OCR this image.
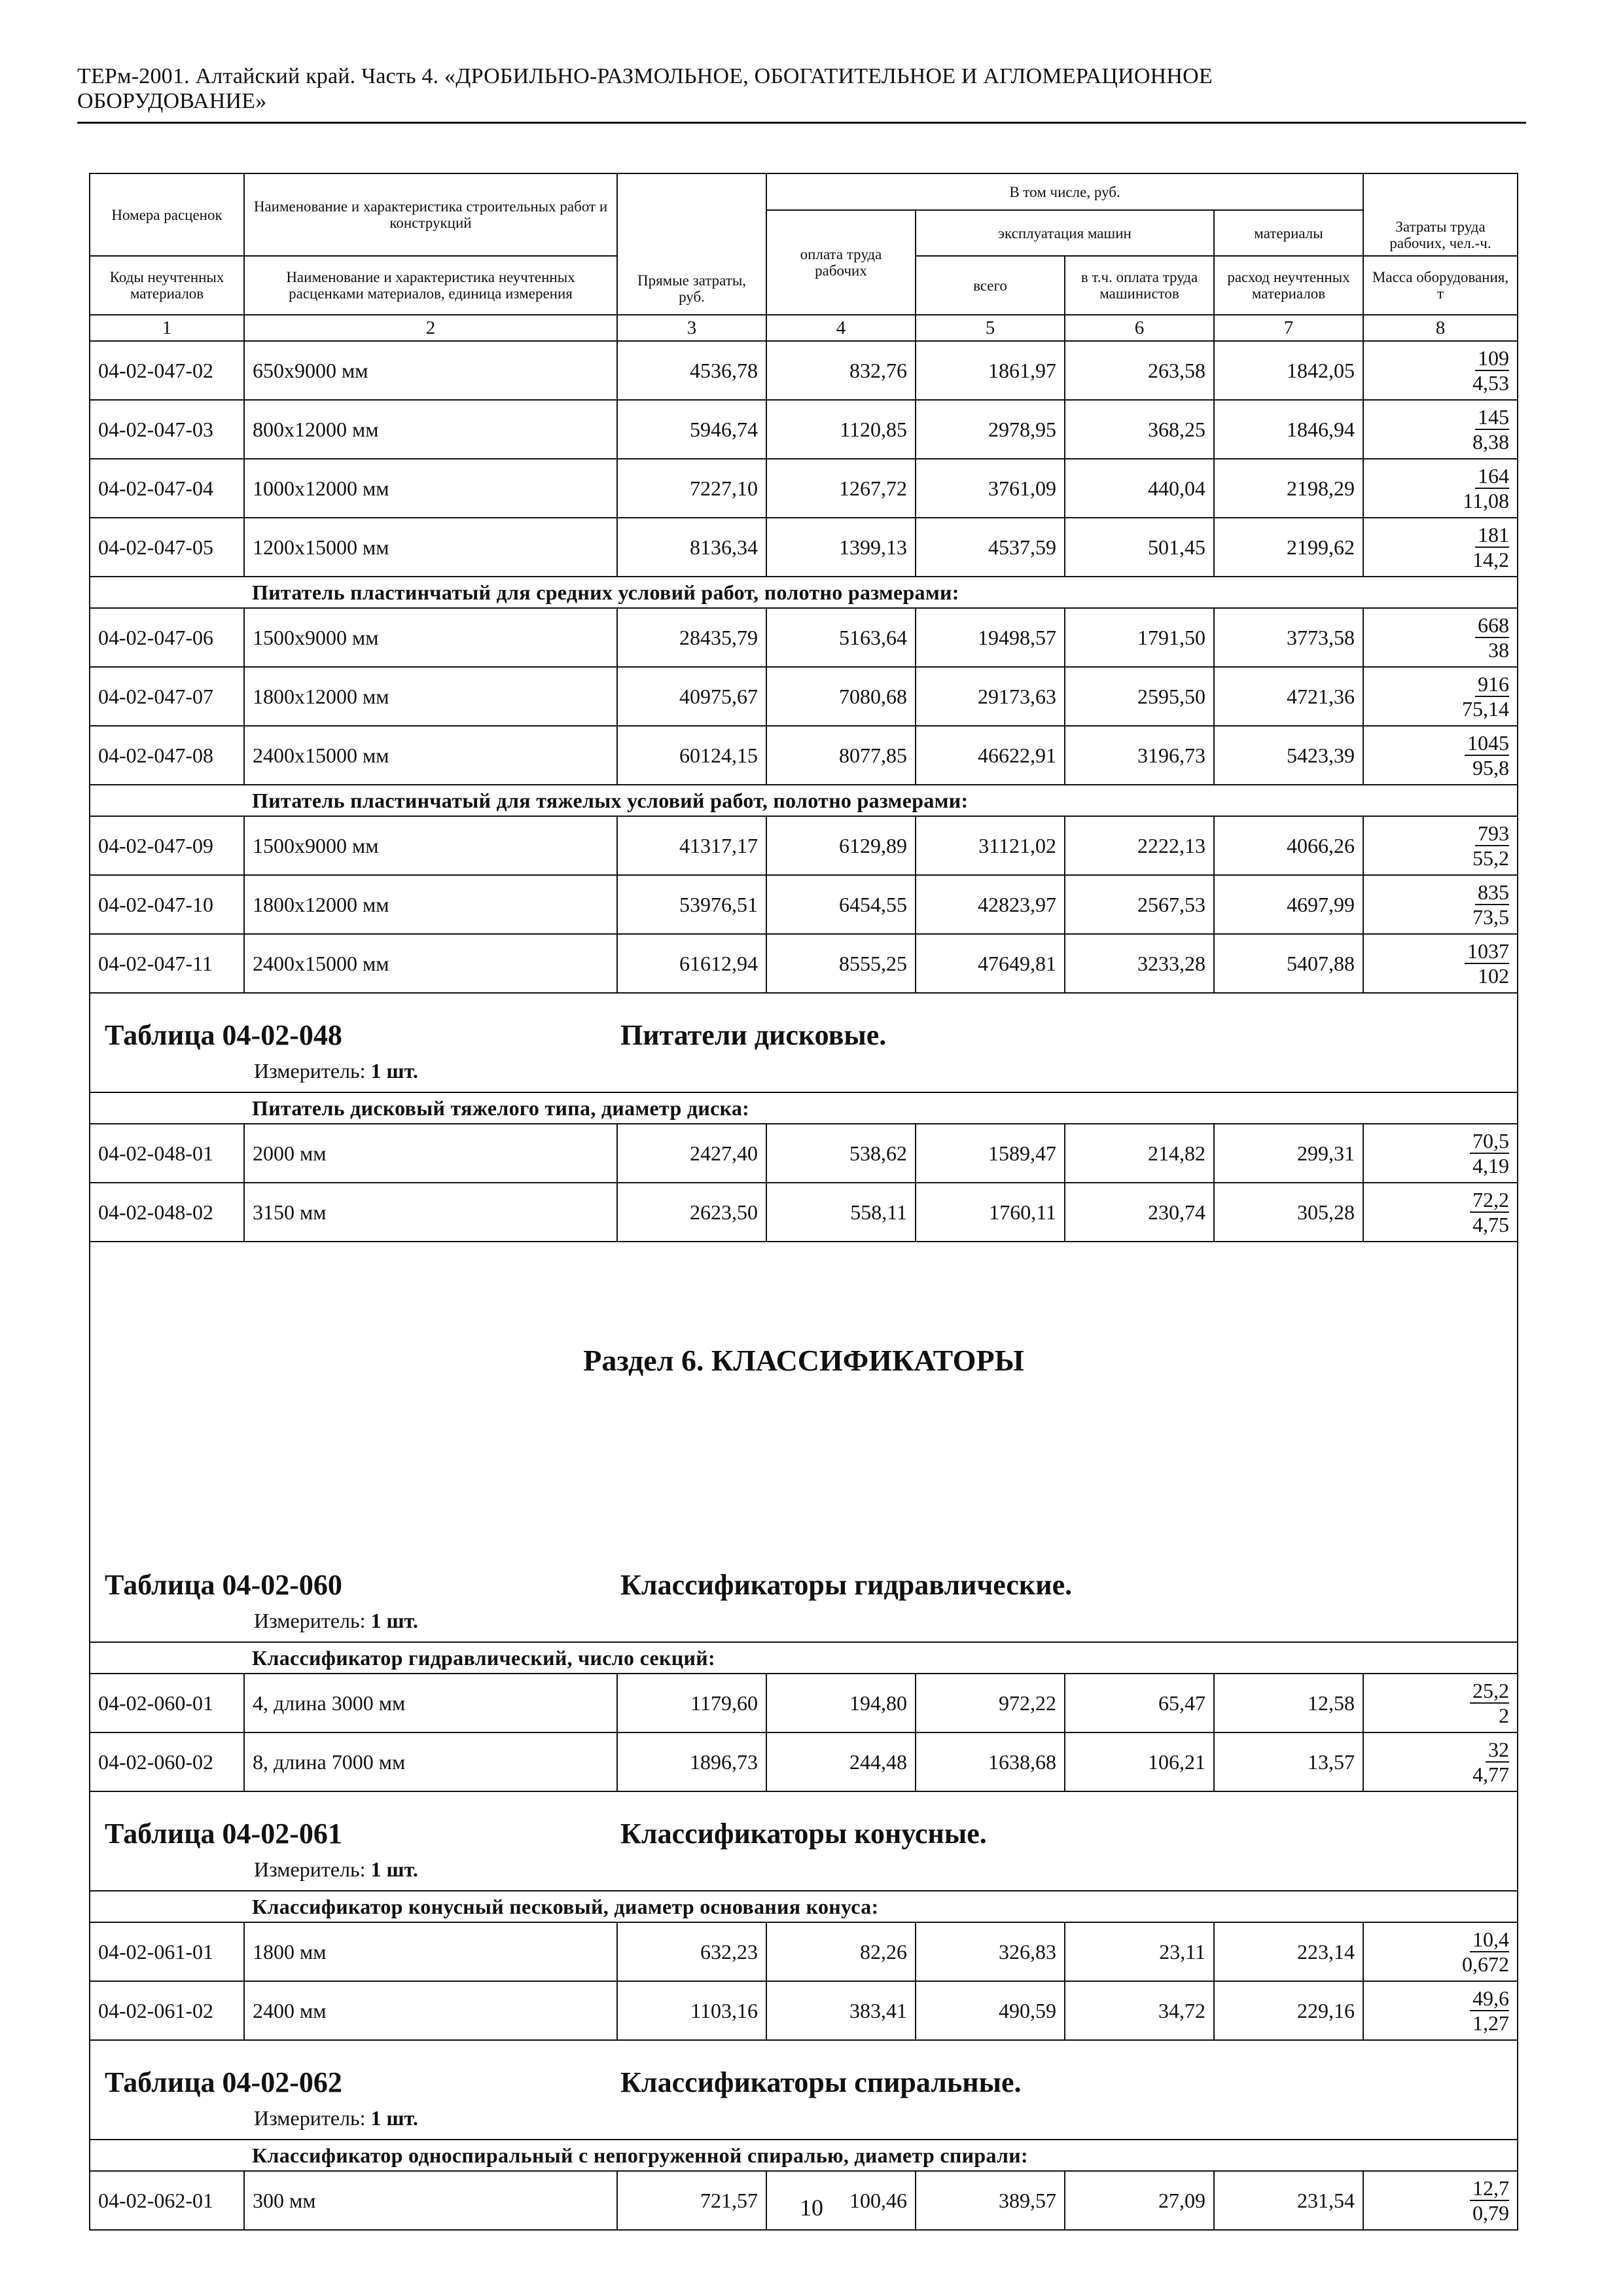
ТЕРм-2001. Алтайский край. Часть 4. «ДРОБИЛЬНО-РАЗМОЛЬНОЕ, ОБОГАТИТЕЛЬНОЕ И АГЛОМЕРАЦИОННОЕ
ОБОРУДОВАНИЕ»
Номера расценок	Наименование и характеристика строительных работ и конструкций	Прямые затраты, руб.	В том числе, руб.				Затраты труда рабочих, чел.-ч.
			оплата труда рабочих	эксплуатация машин		материалы	
Коды неучтенных материалов	Наименование и характеристика неучтенных расценками материалов, единица измерения			всего	в т.ч. оплата труда машинистов	расход неучтенных материалов	Масса оборудования, т
1	2	3	4	5	6	7	8
04-02-047-02	650х9000 мм	4536,78	832,76	1861,97	263,58	1842,05	$\frac{109}{4,53}$

04-02-047-03	800х12000 мм	5946,74	1120,85	2978,95	368,25	1846,94	$\frac{145}{8,38}$

04-02-047-04	1000х12000 мм	7227,10	1267,72	3761,09	440,04	2198,29	$\frac{164}{11,08}$

04-02-047-05	1200х15000 мм	8136,34	1399,13	4537,59	501,45	2199,62	$\frac{181}{14,2}$

	Питатель пластинчатый для средних условий работ, полотно размерами:						
04-02-047-06	1500х9000 мм	28435,79	5163,64	19498,57	1791,50	3773,58	$\frac{668}{38}$

04-02-047-07	1800х12000 мм	40975,67	7080,68	29173,63	2595,50	4721,36	$\frac{916}{75,14}$

04-02-047-08	2400х15000 мм	60124,15	8077,85	46622,91	3196,73	5423,39	$\frac{1045}{95,8}$

	Питатель пластинчатый для тяжелых условий работ, полотно размерами:						
04-02-047-09	1500х9000 мм	41317,17	6129,89	31121,02	2222,13	4066,26	$\frac{793}{55,2}$

04-02-047-10	1800х12000 мм	53976,51	6454,55	42823,97	2567,53	4697,99	$\frac{835}{73,5}$

04-02-047-11	2400х15000 мм	61612,94	8555,25	47649,81	3233,28	5407,88	$\frac{1037}{102}$

Таблица 04-02-048 Питатели дисковые.
Измеритель: 1 шт.							

	Питатель дисковый тяжелого типа, диаметр диска:						
04-02-048-01	2000 мм	2427,40	538,62	1589,47	214,82	299,31	$\frac{70,5}{4,19}$

04-02-048-02	3150 мм	2623,50	558,11	1760,11	230,74	305,28	$\frac{72,2}{4,75}$

Раздел 6. КЛАССИФИКАТОРЫ							

Таблица 04-02-060 Классификаторы гидравлические.
Измеритель: 1 шт.							

	Классификатор гидравлический, число секций:						
04-02-060-01	4, длина 3000 мм	1179,60	194,80	972,22	65,47	12,58	$\frac{25,2}{2}$

04-02-060-02	8, длина 7000 мм	1896,73	244,48	1638,68	106,21	13,57	$\frac{32}{4,77}$

Таблица 04-02-061 Классификаторы конусные.
Измеритель: 1 шт.							

	Классификатор конусный песковый, диаметр основания конуса:						
04-02-061-01	1800 мм	632,23	82,26	326,83	23,11	223,14	$\frac{10,4}{0,672}$

04-02-061-02	2400 мм	1103,16	383,41	490,59	34,72	229,16	$\frac{49,6}{1,27}$

Таблица 04-02-062 Классификаторы спиральные.
Измеритель: 1 шт.							

	Классификатор односпиральный с непогруженной спиралью, диаметр спирали:						
04-02-062-01	300 мм	721,57	100,46	389,57	27,09	231,54	$\frac{12,7}{0,79}$
10
